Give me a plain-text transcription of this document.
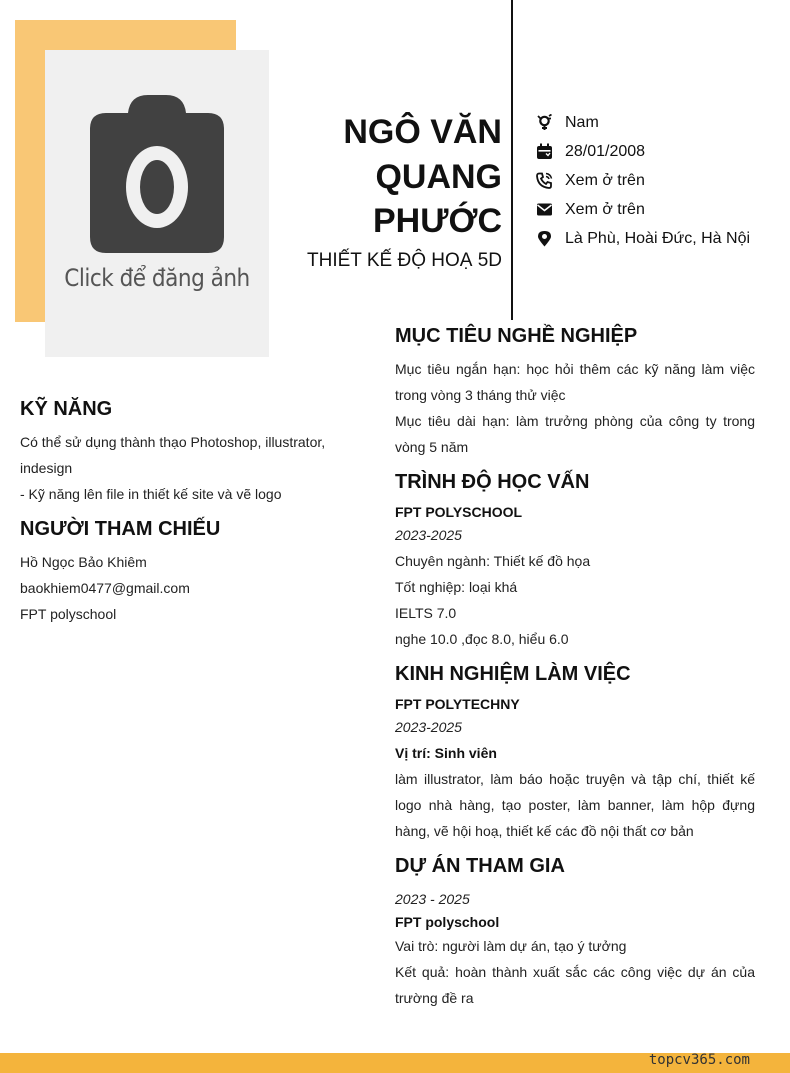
Click để đăng ảnh
NGÔ VĂN
QUANG
PHƯỚC
THIẾT KẾ ĐỘ HOẠ 5D
Nam
28/01/2008
Xem ở trên
Xem ở trên
Là Phù, Hoài Đức, Hà Nội
KỸ NĂNG
Có thể sử dụng thành thạo Photoshop, illustrator, indesign
- Kỹ năng lên file in thiết kế site và vẽ logo
NGƯỜI THAM CHIẾU
Hồ Ngọc Bảo Khiêm
baokhiem0477@gmail.com
FPT polyschool
MỤC TIÊU NGHỀ NGHIỆP
Mục tiêu ngắn hạn: học hỏi thêm các kỹ năng làm việc trong vòng 3 tháng thử việc
Mục tiêu dài hạn: làm trưởng phòng của công ty trong vòng 5 năm
TRÌNH ĐỘ HỌC VẤN
FPT POLYSCHOOL
2023-2025
Chuyên ngành: Thiết kế đồ họa
Tốt nghiệp: loại khá
IELTS 7.0
nghe 10.0 ,đọc 8.0, hiểu 6.0
KINH NGHIỆM LÀM VIỆC
FPT POLYTECHNY
2023-2025
Vị trí: Sinh viên
làm illustrator, làm báo hoặc truyện và tập chí, thiết kế logo nhà hàng, tạo poster, làm banner, làm hộp đựng hàng, vẽ hội hoạ, thiết kế các đồ nội thất cơ bản
DỰ ÁN THAM GIA
2023 - 2025
FPT polyschool
Vai trò: người làm dự án, tạo ý tưởng
Kết quả: hoàn thành xuất sắc các công việc dự án của trường đề ra
topcv365.com
